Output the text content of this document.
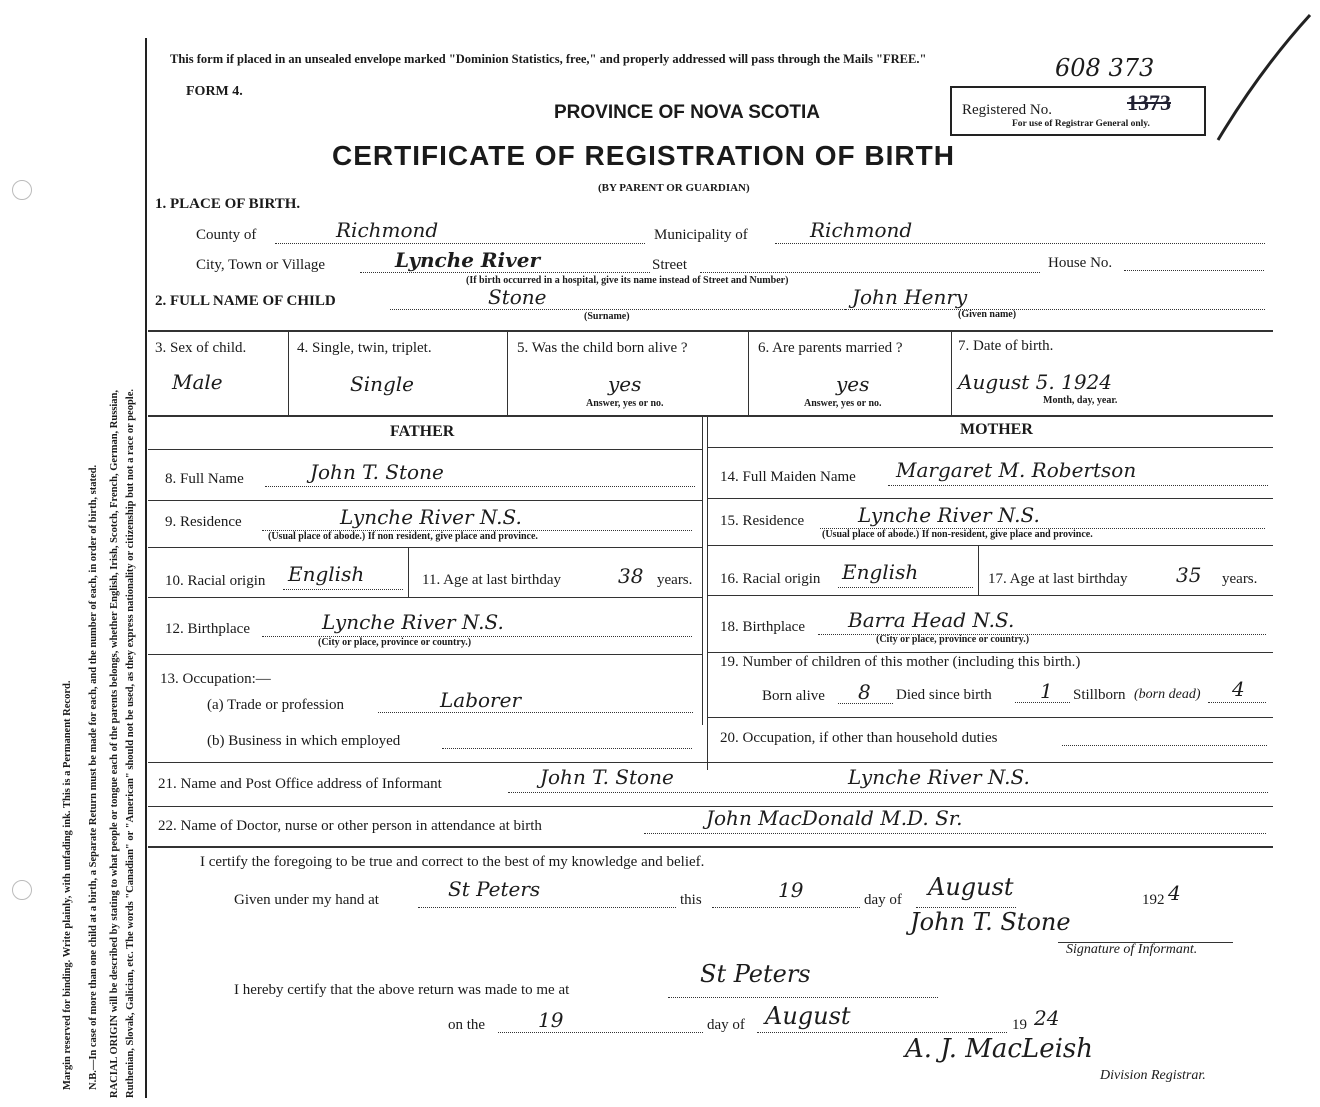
Margin reserved for binding. Write plainly, with unfading ink. This is a Permanent Record. N.B.—In case of more than one child at a birth, a Separate Return must be made for each, and the number of each, in order of birth, stated. RACIAL ORIGIN will be described by stating to what people or tongue each of the parents belongs, whether English, Irish, Scotch, French, German, Russian, Ruthenian, Slovak, Galician, etc. The words "Canadian" or "American" should not be used, as they express nationality or citizenship but not a race or people.
This form if placed in an unsealed envelope marked "Dominion Statistics, free," and properly addressed will pass through the Mails "FREE."	608 373
FORM 4.
PROVINCE OF NOVA SCOTIA
CERTIFICATE OF REGISTRATION OF BIRTH
(BY PARENT OR GUARDIAN)
Registered No.	1373
For use of Registrar General only.
1. PLACE OF BIRTH.
County of	Richmond	Municipality of	Richmond
City, Town or Village	Lynche River	Street	House No.
(If birth occurred in a hospital, give its name instead of Street and Number)
2. FULL NAME OF CHILD	Stone
(Surname)
John Henry
(Given name)
3. Sex of child.
Male
4. Single, twin, triplet.
Single
5. Was the child born alive ?
yes
Answer, yes or no.
6. Are parents married ?
yes
Answer, yes or no.
7. Date of birth.
August 5. 1924
Month, day, year.
FATHER	MOTHER
8. Full Name	John T. Stone
9. Residence	Lynche River N.S.
(Usual place of abode.) If non resident, give place and province.
10. Racial origin English	11. Age at last birthday	38 years.
12. Birthplace	Lynche River N.S.
(City or place, province or country.)
13. Occupation:—
(a) Trade or profession	Laborer
(b) Business in which employed
14. Full Maiden Name Margaret M. Robertson
15. Residence	Lynche River N.S.
(Usual place of abode.) If non-resident, give place and province.
16. Racial origin English	17. Age at last birthday 35 years.
18. Birthplace Barra Head N.S.
(City or place, province or country.)
19. Number of children of this mother (including this birth.)
Born alive 8 Died since birth 1 Stillborn (born dead) 4
20. Occupation, if other than household duties
21. Name and Post Office address of Informant	John T. Stone	Lynche River N.S.
22. Name of Doctor, nurse or other person in attendance at birth	John MacDonald M.D. Sr.
I certify the foregoing to be true and correct to the best of my knowledge and belief.
Given under my hand at	St Peters	this	19	day of August	192 4
John T. Stone
Signature of Informant.
I hereby certify that the above return was made to me at
St Peters
on the	19	day of August	19 24
A. J. MacLeish
Division Registrar.
